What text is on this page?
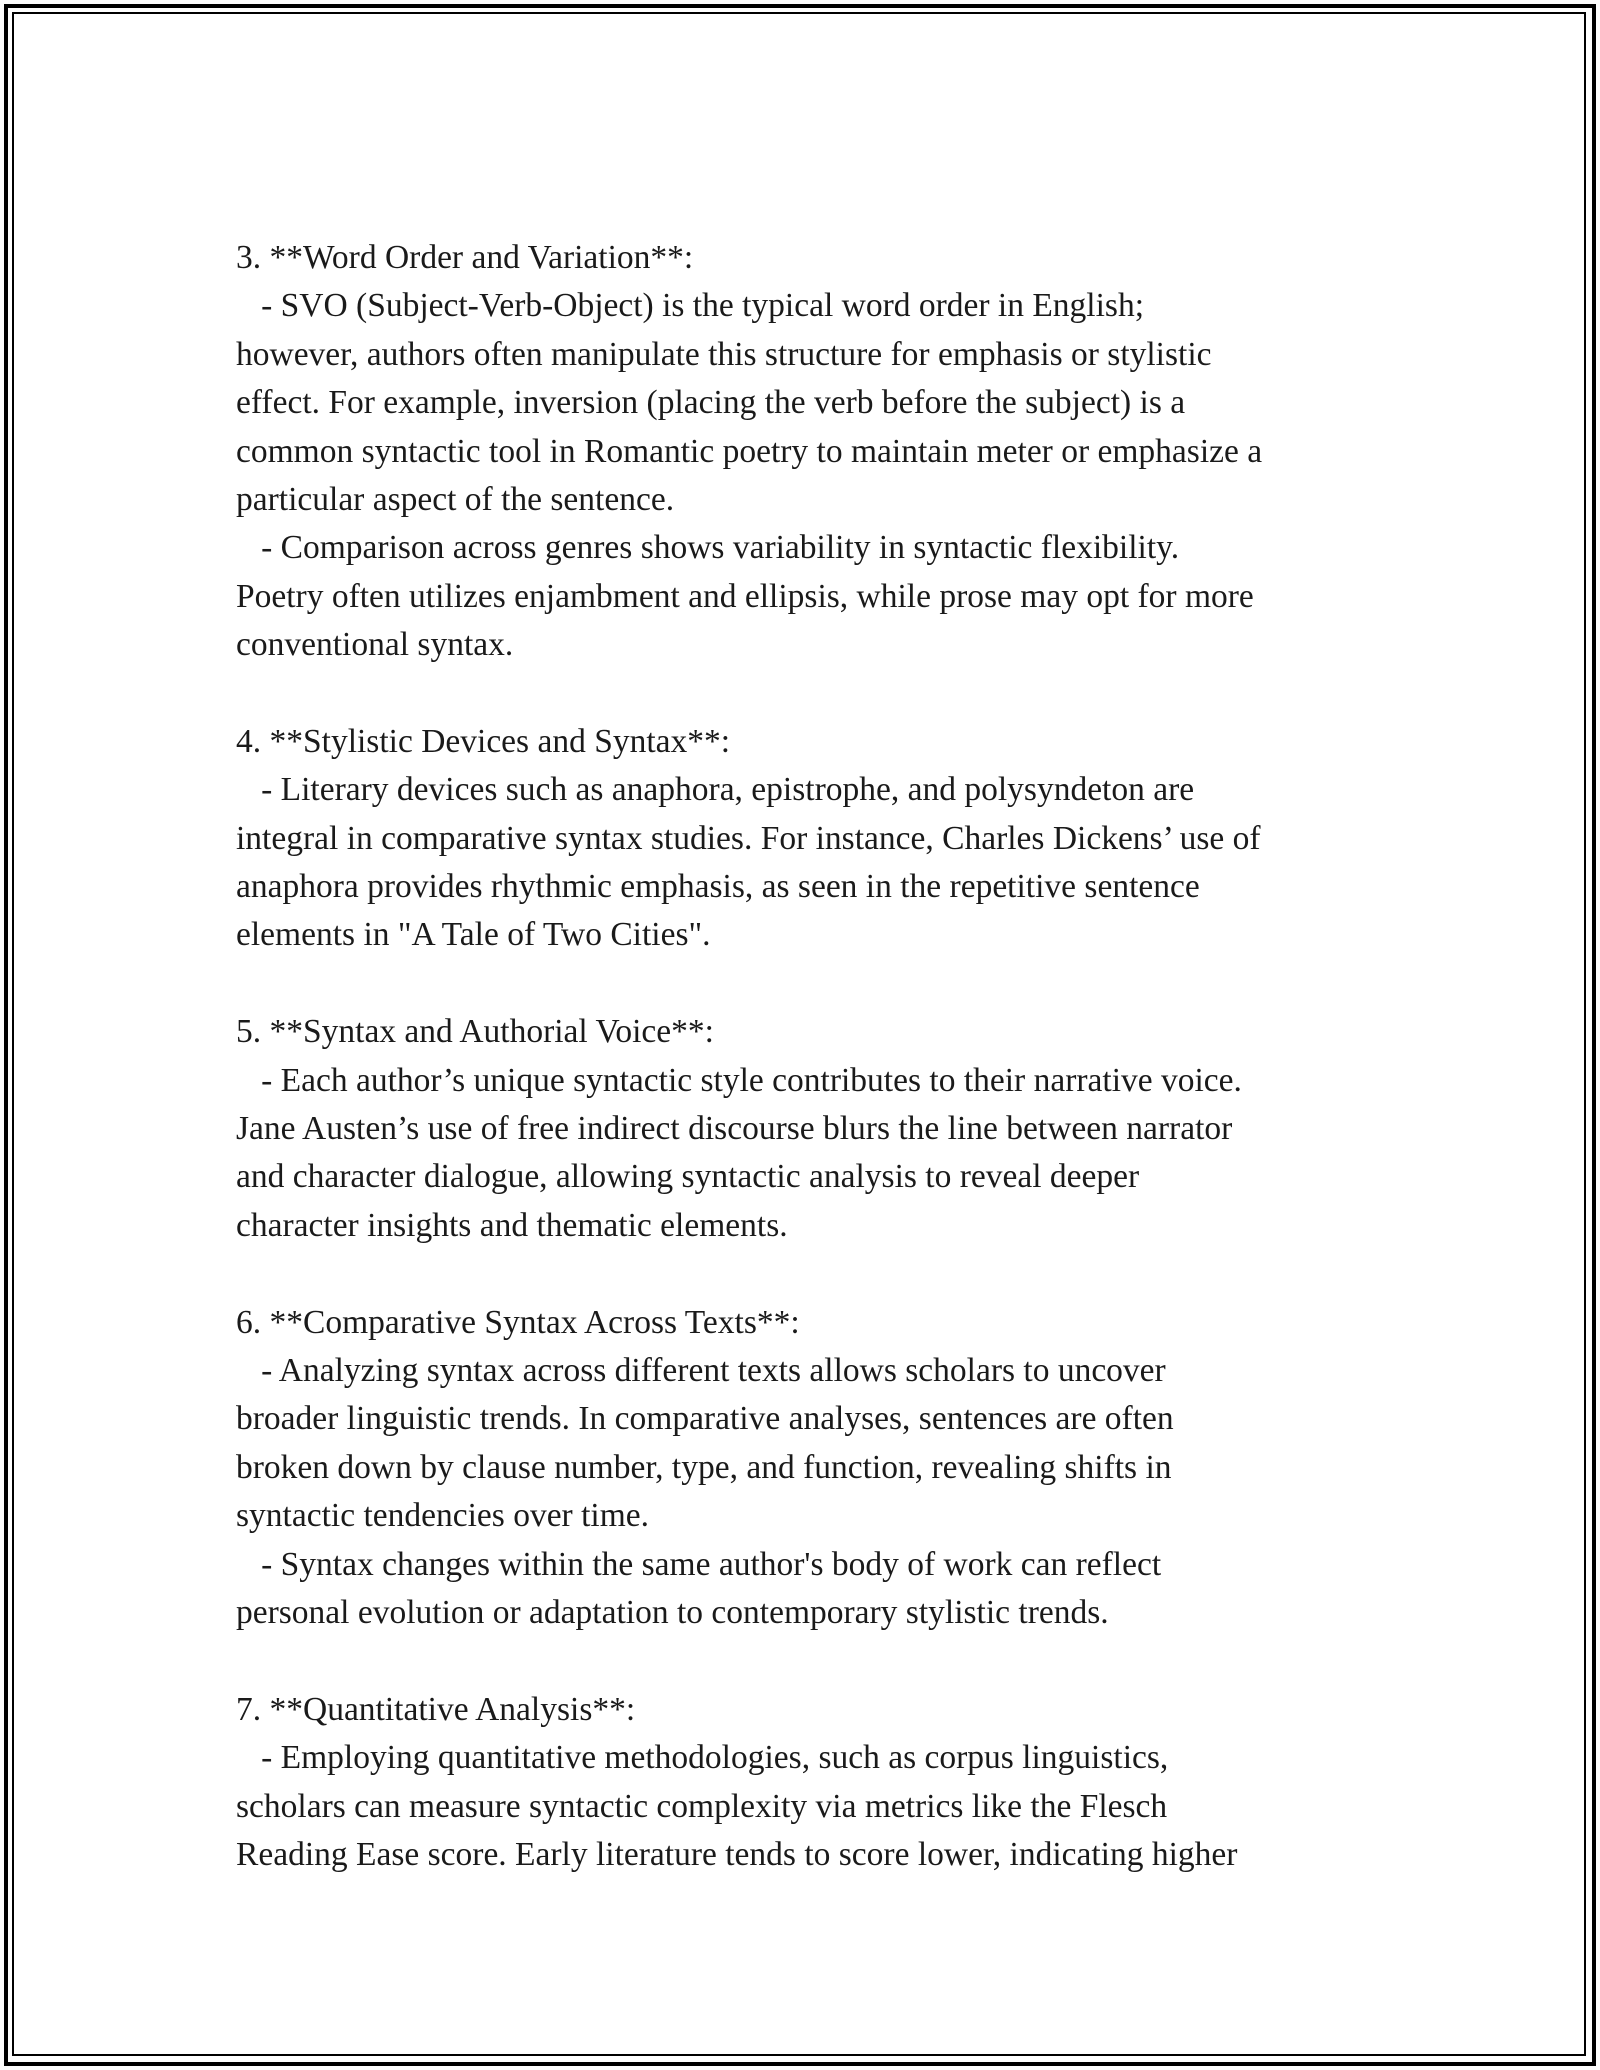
3. **Word Order and Variation**:
- SVO (Subject-Verb-Object) is the typical word order in English;
however, authors often manipulate this structure for emphasis or stylistic
effect. For example, inversion (placing the verb before the subject) is a
common syntactic tool in Romantic poetry to maintain meter or emphasize a
particular aspect of the sentence.
- Comparison across genres shows variability in syntactic flexibility.
Poetry often utilizes enjambment and ellipsis, while prose may opt for more
conventional syntax.
4. **Stylistic Devices and Syntax**:
- Literary devices such as anaphora, epistrophe, and polysyndeton are
integral in comparative syntax studies. For instance, Charles Dickens’ use of
anaphora provides rhythmic emphasis, as seen in the repetitive sentence
elements in "A Tale of Two Cities".
5. **Syntax and Authorial Voice**:
- Each author’s unique syntactic style contributes to their narrative voice.
Jane Austen’s use of free indirect discourse blurs the line between narrator
and character dialogue, allowing syntactic analysis to reveal deeper
character insights and thematic elements.
6. **Comparative Syntax Across Texts**:
- Analyzing syntax across different texts allows scholars to uncover
broader linguistic trends. In comparative analyses, sentences are often
broken down by clause number, type, and function, revealing shifts in
syntactic tendencies over time.
- Syntax changes within the same author's body of work can reflect
personal evolution or adaptation to contemporary stylistic trends.
7. **Quantitative Analysis**:
- Employing quantitative methodologies, such as corpus linguistics,
scholars can measure syntactic complexity via metrics like the Flesch
Reading Ease score. Early literature tends to score lower, indicating higher
